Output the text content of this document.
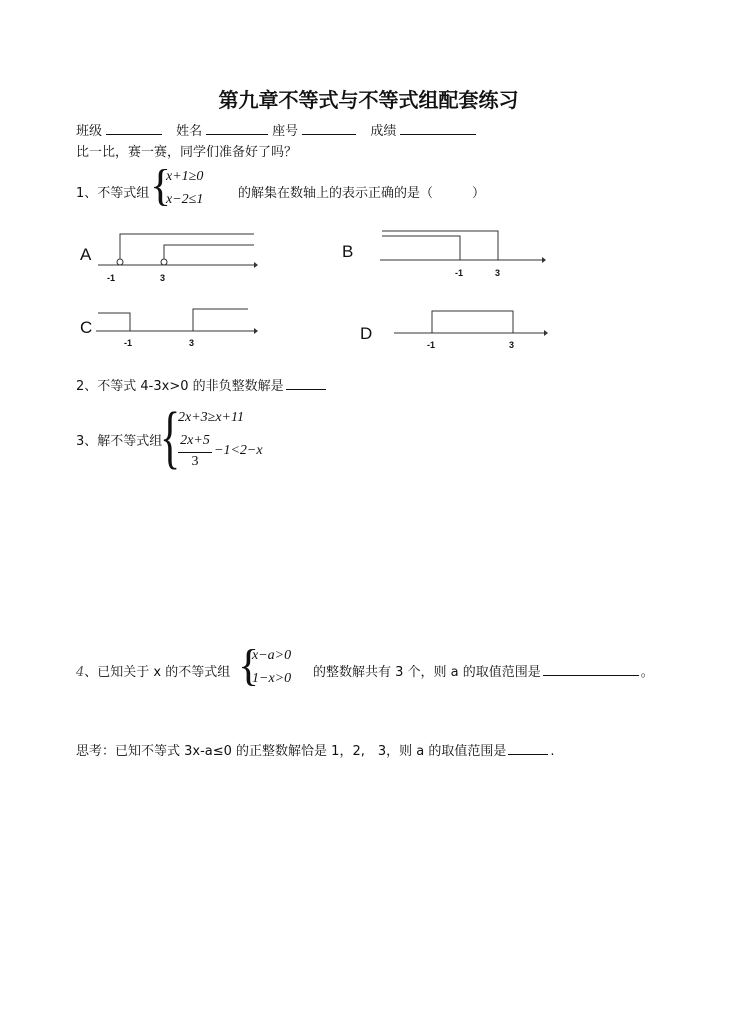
第九章不等式与不等式组配套练习
班级	姓名	座号	成绩
比一比，赛一赛，同学们准备好了吗？
1、不等式组 {
x+1≥0
x−2≤1	的解集在数轴上的表示正确的是（　　　）
A
-1	3
B
-1	3
C
-1	3	D
-1	3
2、不等式 4-3x>0 的非负整数解是
3、解不等式组
{
2x+3≥x+11
2x+5
3
−1<2−x
4、已知关于 x 的不等式组 {
x−a>0
1−x>0 的整数解共有 3 个，则 a 的取值范围是	。
思考：已知不等式 3x-a≤0 的正整数解恰是 1，2,　3，则 a 的取值范围是	.
